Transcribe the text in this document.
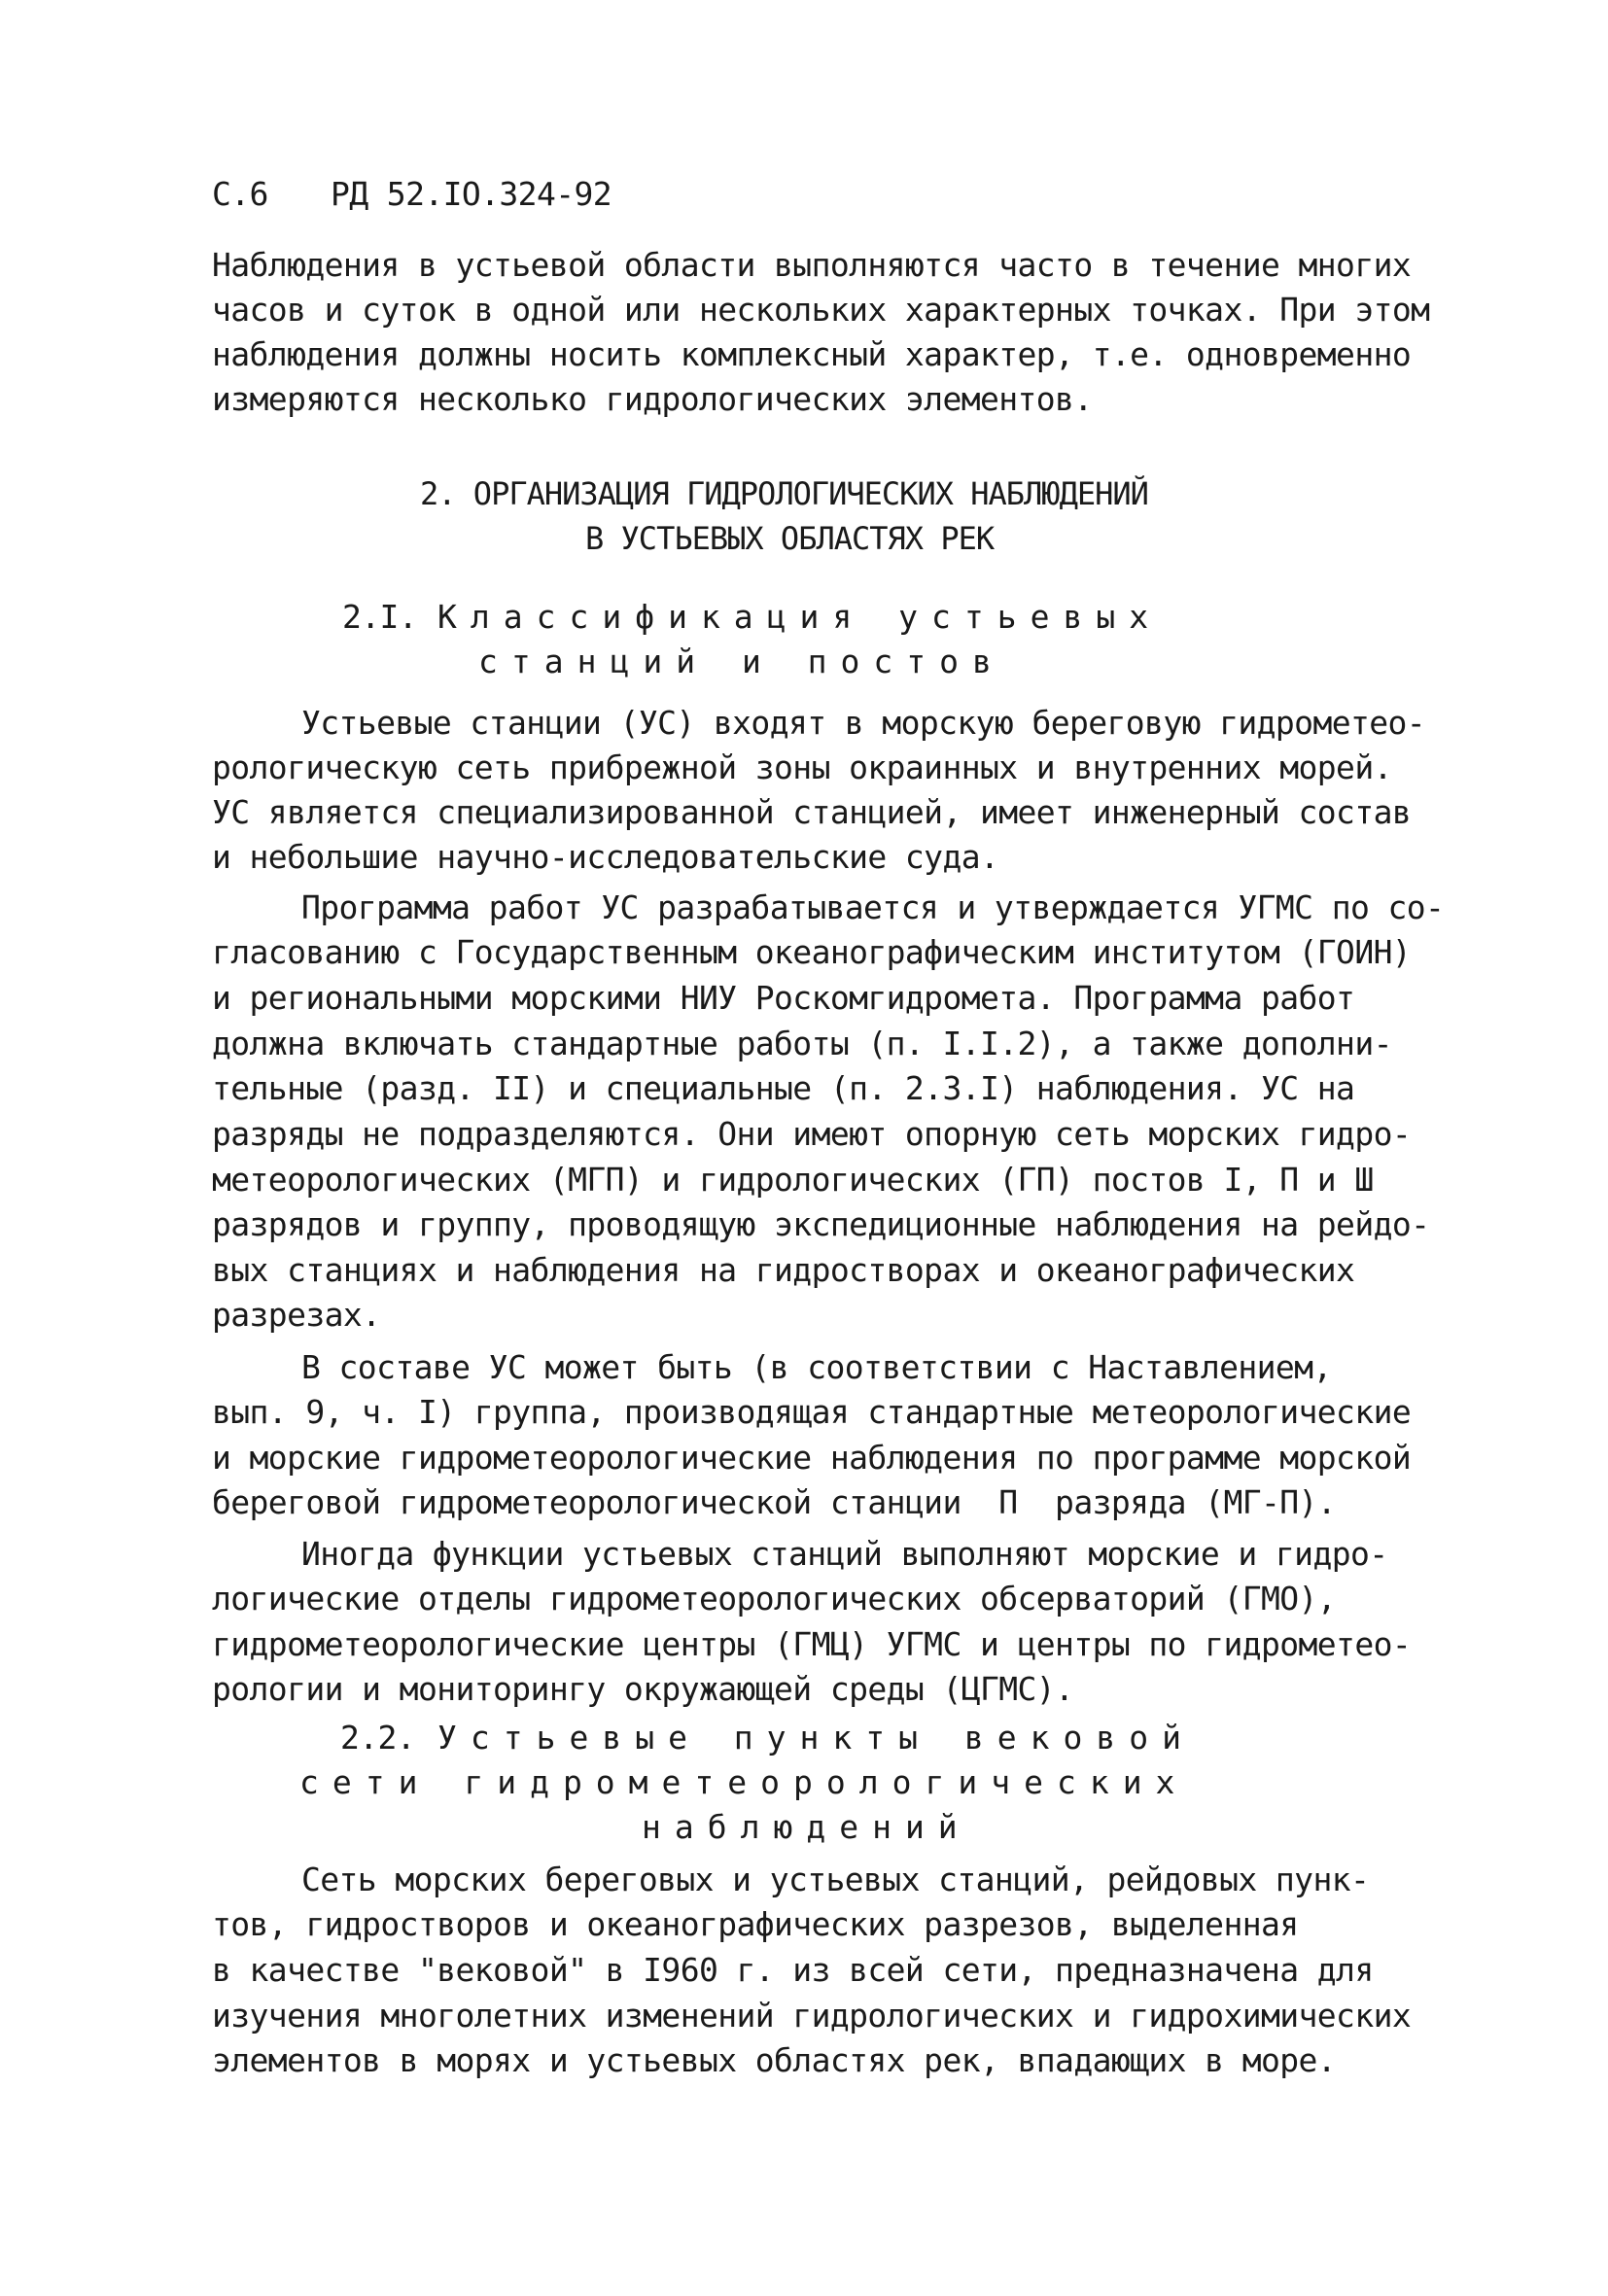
С.6 РД 52.IO.324-92
Наблюдения в устьевой области выполняются часто в течение многих
часов и суток в одной или нескольких характерных точках. При этом
наблюдения должны носить комплексный характер, т.е. одновременно
измеряются несколько гидрологических элементов.
2. ОРГАНИЗАЦИЯ ГИДРОЛОГИЧЕСКИХ НАБЛЮДЕНИЙ
В УСТЬЕВЫХ ОБЛАСТЯХ РЕК
2.I. Классификация устьевых
станций и постов
Устьевые станции (УС) входят в морскую береговую гидрометео-
рологическую сеть прибрежной зоны окраинных и внутренних морей.
УС является специализированной станцией, имеет инженерный состав
и небольшие научно-исследовательские суда.
Программа работ УС разрабатывается и утверждается УГМС по со-
гласованию с Государственным океанографическим институтом (ГОИН)
и региональными морскими НИУ Роскомгидромета. Программа работ
должна включать стандартные работы (п. I.I.2), а также дополни-
тельные (разд. II) и специальные (п. 2.3.I) наблюдения. УС на
разряды не подразделяются. Они имеют опорную сеть морских гидро-
метеорологических (МГП) и гидрологических (ГП) постов I, П и Ш
разрядов и группу, проводящую экспедиционные наблюдения на рейдо-
вых станциях и наблюдения на гидростворах и океанографических
разрезах.
В составе УС может быть (в соответствии с Наставлением,
вып. 9, ч. I) группа, производящая стандартные метеорологические
и морские гидрометеорологические наблюдения по программе морской
береговой гидрометеорологической станции  П  разряда (МГ-П).
Иногда функции устьевых станций выполняют морские и гидро-
логические отделы гидрометеорологических обсерваторий (ГМО),
гидрометеорологические центры (ГМЦ) УГМС и центры по гидрометео-
рологии и мониторингу окружающей среды (ЦГМС).
2.2. Устьевые пункты вековой
сети гидрометеорологических
наблюдений
Сеть морских береговых и устьевых станций, рейдовых пунк-
тов, гидростворов и океанографических разрезов, выделенная
в качестве "вековой" в I960 г. из всей сети, предназначена для
изучения многолетних изменений гидрологических и гидрохимических
элементов в морях и устьевых областях рек, впадающих в море.
